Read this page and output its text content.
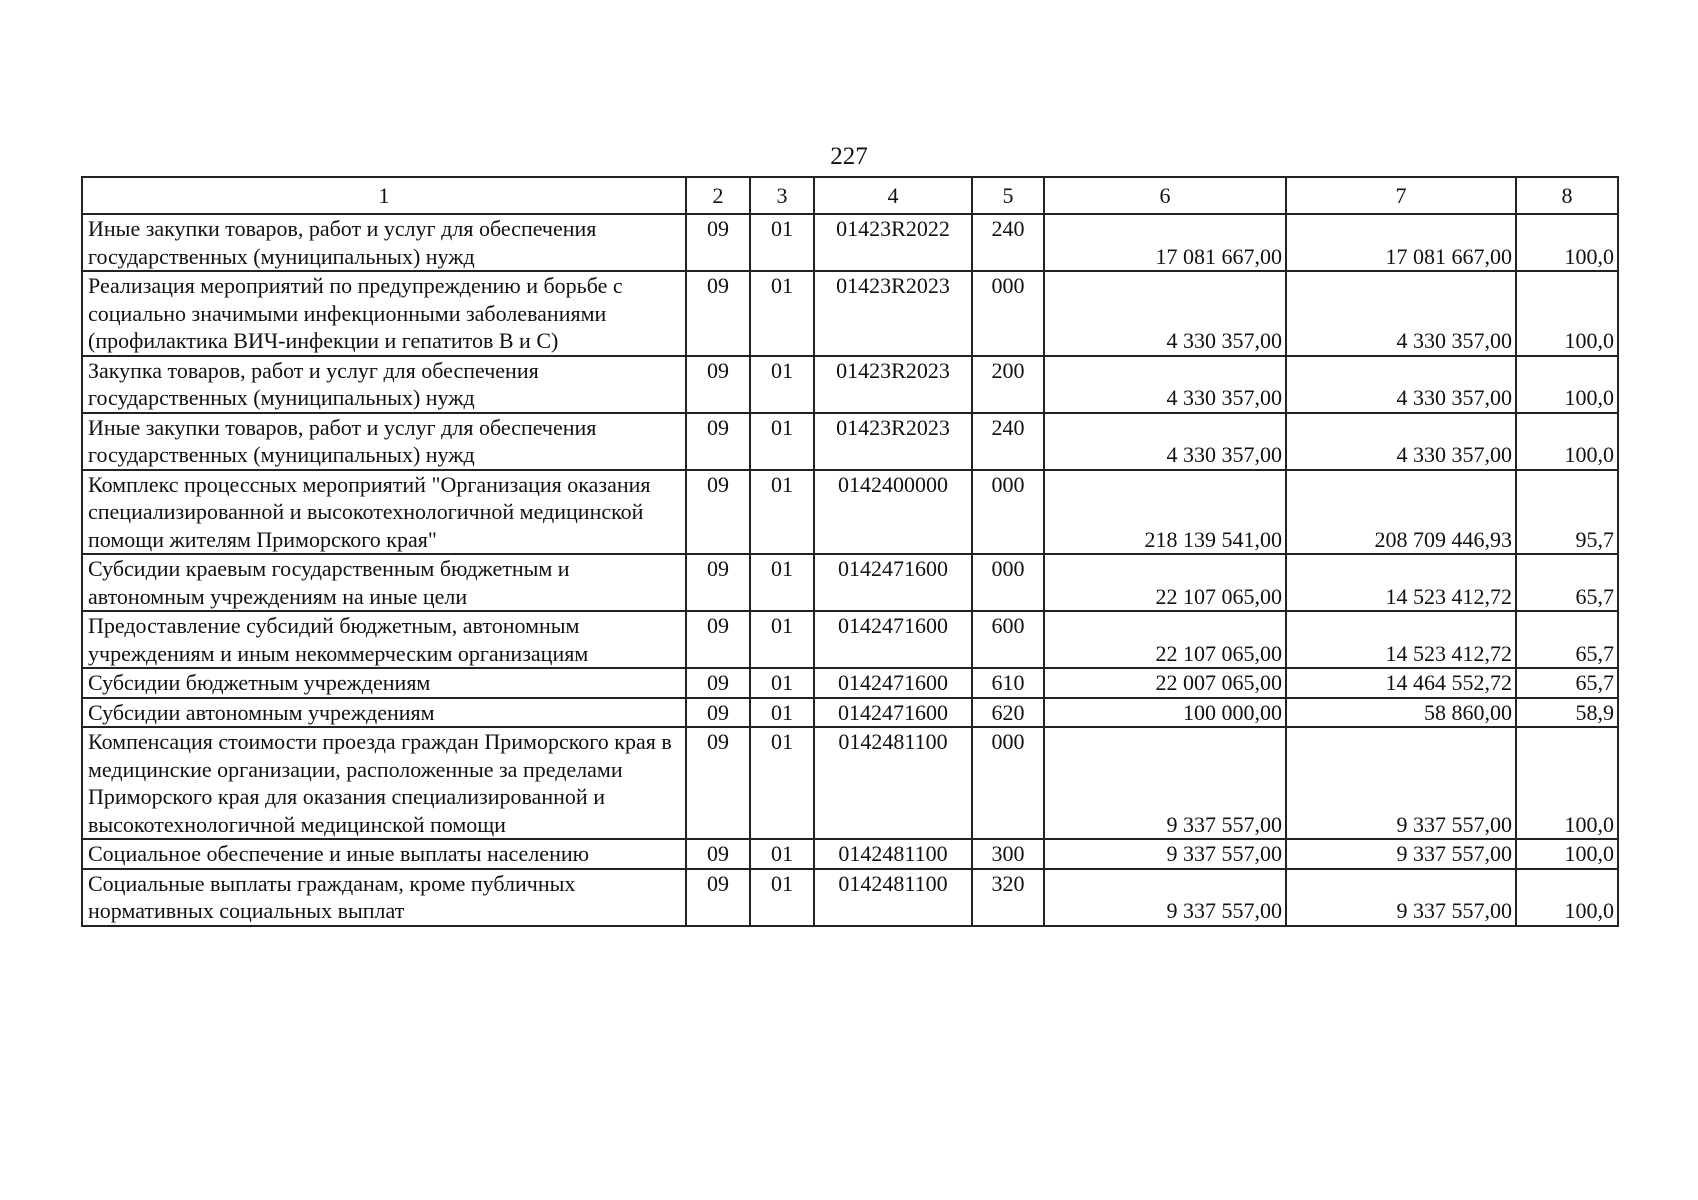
227
1	2	3	4	5	6	7	8
Иные закупки товаров, работ и услуг для обеспечения государственных (муниципальных) нужд	09	01	01423R2022	240	17 081 667,00	17 081 667,00	100,0
Реализация мероприятий по предупреждению и борьбе с социально значимыми инфекционными заболеваниями (профилактика ВИЧ-инфекции и гепатитов В и С)	09	01	01423R2023	000	4 330 357,00	4 330 357,00	100,0
Закупка товаров, работ и услуг для обеспечения государственных (муниципальных) нужд	09	01	01423R2023	200	4 330 357,00	4 330 357,00	100,0
Иные закупки товаров, работ и услуг для обеспечения государственных (муниципальных) нужд	09	01	01423R2023	240	4 330 357,00	4 330 357,00	100,0
Комплекс процессных мероприятий "Организация оказания специализированной и высокотехнологичной медицинской помощи жителям Приморского края"	09	01	0142400000	000	218 139 541,00	208 709 446,93	95,7
Субсидии краевым государственным бюджетным и автономным учреждениям на иные цели	09	01	0142471600	000	22 107 065,00	14 523 412,72	65,7
Предоставление субсидий бюджетным, автономным учреждениям и иным некоммерческим организациям	09	01	0142471600	600	22 107 065,00	14 523 412,72	65,7
Субсидии бюджетным учреждениям	09	01	0142471600	610	22 007 065,00	14 464 552,72	65,7
Субсидии автономным учреждениям	09	01	0142471600	620	100 000,00	58 860,00	58,9
Компенсация стоимости проезда граждан Приморского края в медицинские организации, расположенные за пределами Приморского края для оказания специализированной и высокотехнологичной медицинской помощи	09	01	0142481100	000	9 337 557,00	9 337 557,00	100,0
Социальное обеспечение и иные выплаты населению	09	01	0142481100	300	9 337 557,00	9 337 557,00	100,0
Социальные выплаты гражданам, кроме публичных нормативных социальных выплат	09	01	0142481100	320	9 337 557,00	9 337 557,00	100,0
